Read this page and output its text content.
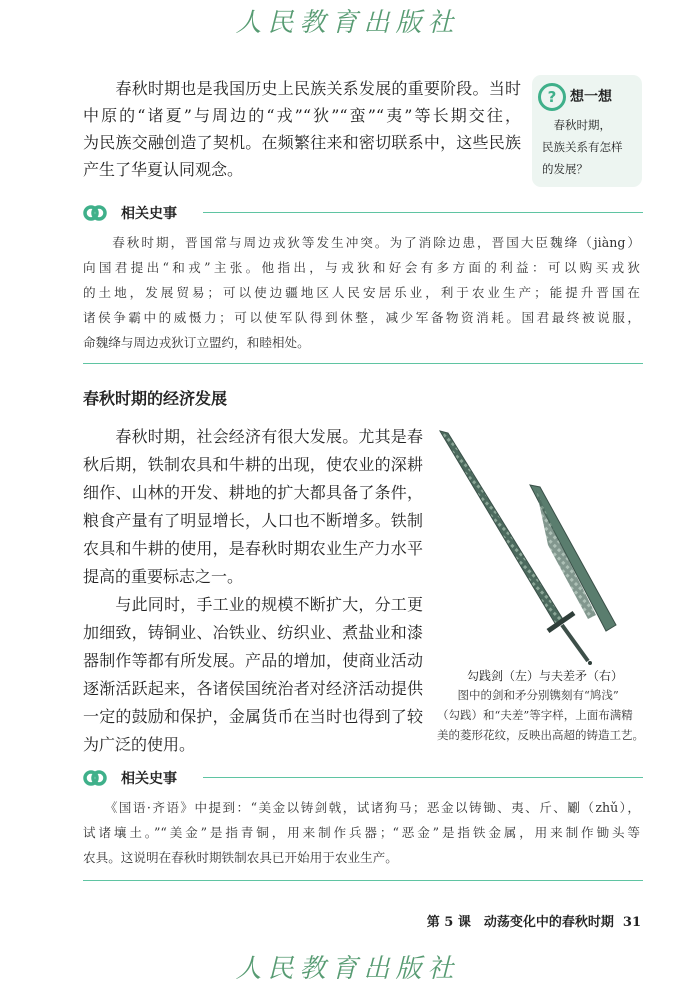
人民教育出版社
　　春秋时期也是我国历史上民族关系发展的重要阶段。当时
中原的“诸夏”与周边的“戎”“狄”“蛮”“夷”等长期交往，
为民族交融创造了契机。在频繁往来和密切联系中，这些民族
产生了华夏认同观念。
? 想一想
　春秋时期，
民族关系有怎样
的发展？
相关史事
　　春秋时期，晋国常与周边戎狄等发生冲突。为了消除边患，晋国大臣魏绛（jiàng）
向国君提出“和戎”主张。他指出，与戎狄和好会有多方面的利益：可以购买戎狄
的土地，发展贸易；可以使边疆地区人民安居乐业，利于农业生产；能提升晋国在
诸侯争霸中的威慑力；可以使军队得到休整，减少军备物资消耗。国君最终被说服，
命魏绛与周边戎狄订立盟约，和睦相处。
春秋时期的经济发展
　　春秋时期，社会经济有很大发展。尤其是春
秋后期，铁制农具和牛耕的出现，使农业的深耕
细作、山林的开发、耕地的扩大都具备了条件，
粮食产量有了明显增长，人口也不断增多。铁制
农具和牛耕的使用，是春秋时期农业生产力水平
提高的重要标志之一。
　　与此同时，手工业的规模不断扩大，分工更
加细致，铸铜业、冶铁业、纺织业、煮盐业和漆
器制作等都有所发展。产品的增加，使商业活动
逐渐活跃起来，各诸侯国统治者对经济活动提供
一定的鼓励和保护，金属货币在当时也得到了较
为广泛的使用。
勾践剑（左）与夫差矛（右）
　图中的剑和矛分别镌刻有“鸠浅”
（勾践）和“夫差”等字样，上面布满精
美的菱形花纹，反映出高超的铸造工艺。
相关史事
　　《国语·齐语》中提到：“美金以铸剑戟，试诸狗马；恶金以铸锄、夷、斤、劚（zhǔ），
试诸壤土。”“美金”是指青铜，用来制作兵器；“恶金”是指铁金属，用来制作锄头等
农具。这说明在春秋时期铁制农具已开始用于农业生产。
第 5 课　动荡变化中的春秋时期 31
人民教育出版社
